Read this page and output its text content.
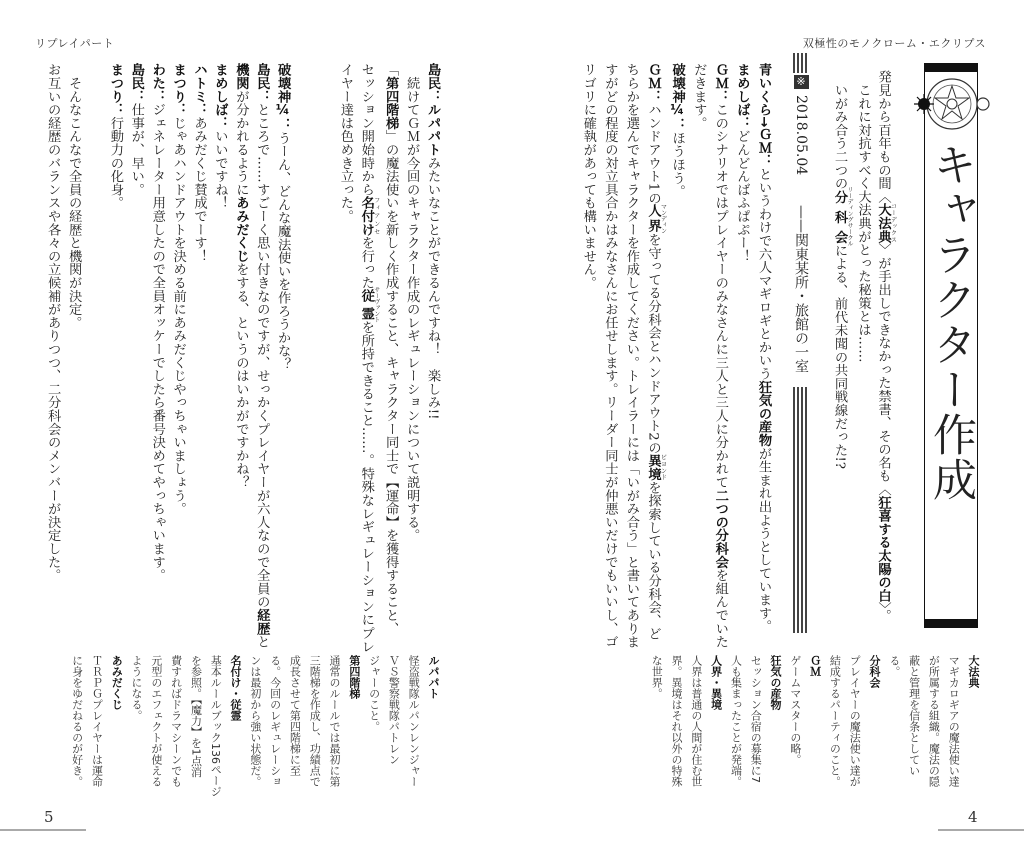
リプレイパート	双極性のモノクローム・エクリプス
キャラクター作成
発見から百年もの間〈大法典 コーデックス〉が手出しできなかった禁書、その名も〈狂喜する太陽の白〉。
　これに対抗すべく大法典がとった秘策とは……
　いがみ合う二つの分科会 リーディングサークルによる、前代未聞の共同戦線だった!?
※
2018.05.04
——関東某所・旅館の一室
青いくら→ＧＭ：というわけで六人マギロギとかいう狂気の産物が生まれ出ようとしています。
まめしば：どんどんばふぱぷー！
ＧＭ：このシナリオではプレイヤーのみなさんに三人と三人に分かれて二つの分科会を組んでいた
だきます。
破壊神¼：ほうほう。
ＧＭ：ハンドアウト1の人界 マンディンを守ってる分科会とハンドアウト2の異境 ビヨンドを探索している分科会、ど
ちらかを選んでキャラクターを作成してください。トレイラーには「いがみ合う」と書いてありま
すがどの程度の対立具合かはみなさんにお任せします。リーダー同士が仲悪いだけでもいいし、ゴ
リゴリに確執があっても構いません。
大法典
マギカロギアの魔法使い達
が所属する組織。魔法の隠
蔽と管理を信条としてい
る。
分科会
プレイヤーの魔法使い達が
結成するパーティのこと。
ＧＭ
ゲームマスターの略。
狂気の産物
セッション合宿の募集に7
人も集まったことが発端。
人界・異境
人界は普通の人間が住む世
界。異境はそれ以外の特殊
な世界。
島民：ルパパトみたいなことができるんですね！　楽しみ!!
　続けてＧＭが今回のキャラクター作成のレギュレーションについて説明する。
「第四階梯」の魔法使いを新しく作成すること、キャラクター同士で【運命】を獲得すること、
セッション開始時から名付け フィアンセを行った従霊 サーヴァントを所持できること……。特殊なレギュレーションにプレ
イヤー達は色めき立った。

破壊神¼：うーん、どんな魔法使いを作ろうかな？
島民：ところで……すごーく思い付きなのですが、せっかくプレイヤーが六人なので全員の経歴と
機関が分かれるようにあみだくじをする、というのはいかがですかね？
まめしば：いいですね！
ハトミ：あみだくじ賛成でーす！
まつり：じゃあハンドアウトを決める前にあみだくじやっちゃいましょう。
わた：ジェネレーター用意したので全員オッケーでしたら番号決めてやっちゃいます。
島民：仕事が、早い。
まつり：行動力の化身。

　そんなこんなで全員の経歴と機関が決定。
お互いの経歴のバランスや各々の立候補がありつつ、二分科会のメンバーが決定した。
ルパパト
怪盗戦隊ルパンレンジャー
ＶＳ警察戦隊パトレン
ジャーのこと。
第四階梯
通常のルールでは最初に第
三階梯を作成し、功績点で
成長させて第四階梯に至
る。今回のレギュレーショ
ンは最初から強い状態だ。
名付け・従霊
基本ルールブック136ページ
を参照。【魔力】を1点消
費すればドラマシーンでも
元型のエフェクトが使える
ようになる。
あみだくじ
ＴＲＰＧプレイヤーは運命
に身をゆだねるのが好き。
5	4
